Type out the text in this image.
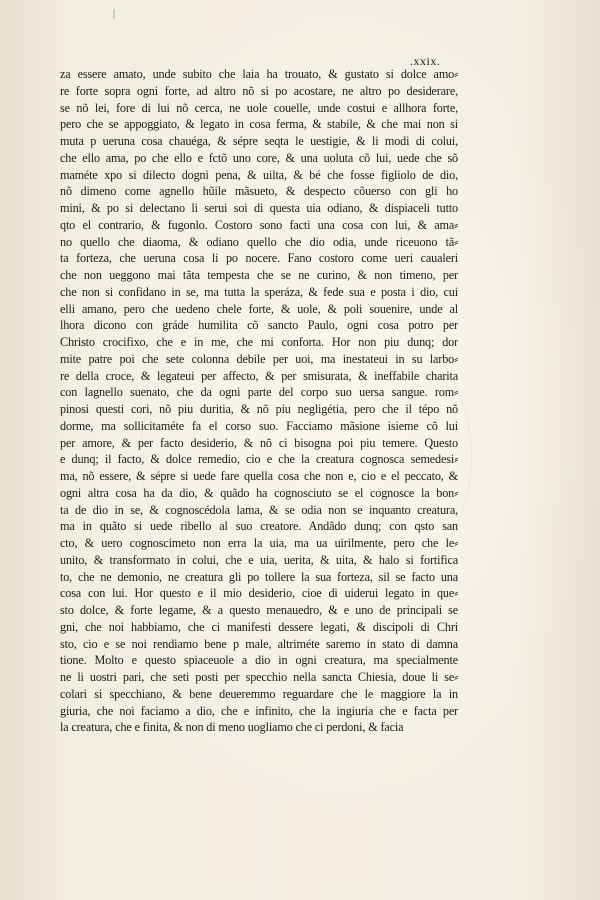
|
.xxix.
za essere amato, unde subito che laia ha trouato, & gustato si dolce amo⸗
re forte sopra ogni forte, ad altro nõ si po acostare, ne altro po desiderare,
se nõ lei, fore di lui nõ cerca, ne uole couelle, unde costui e allhora forte,
pero che se appoggiato, & legato in cosa ferma, & stabile, & che mai non si
muta p ueruna cosa chauéga, & sépre seqta le uestigie, & li modi di colui,
che ello ama, po che ello e fctõ uno core, & una uoluta cõ lui, uede che sõ
maméte xpo si dilecto dogni pena, & uilta, & bé che fosse figliolo de dio,
nõ dimeno come agnello hũile mãsueto, & despecto cõuerso con gli ho
mini, & po si delectano li serui soi di questa uia odiano, & dispiaceli tutto
qto el contrario, & fugonlo. Costoro sono facti una cosa con lui, & ama⸗
no quello che diaoma, & odiano quello che dio odia, unde riceuono tã⸗
ta forteza, che ueruna cosa li po nocere. Fano costoro come ueri caualeri
che non ueggono mai tãta tempesta che se ne curino, & non timeno, per
che non si confidano in se, ma tutta la speráza, & fede sua e posta i dio, cui
elli amano, pero che uedeno chele forte, & uole, & poli souenire, unde al
lhora dicono con gráde humilita cõ sancto Paulo, ogni cosa potro per
Christo crocifixo, che e in me, che mi conforta. Hor non piu dunq; dor
mite patre poi che sete colonna debile per uoi, ma inestateui in su larbo⸗
re della croce, & legateui per affecto, & per smisurata, & ineffabile charita
con lagnello suenato, che da ogni parte del corpo suo uersa sangue. rom⸗
pinosi questi cori, nõ piu duritia, & nõ piu negligétia, pero che il tépo nõ
dorme, ma sollicitaméte fa el corso suo. Facciamo mãsione isieme cõ lui
per amore, & per facto desiderio, & nõ ci bisogna poi piu temere. Questo
e dunq; il facto, & dolce remedio, cio e che la creatura cognosca semedesi⸗
ma, nõ essere, & sépre si uede fare quella cosa che non e, cio e el peccato, &
ogni altra cosa ha da dio, & quãdo ha cognosciuto se el cognosce la bon⸗
ta de dio in se, & cognoscédola lama, & se odia non se inquanto creatura,
ma in quãto si uede ribello al suo creatore. Andãdo dunq; con qsto san
cto, & uero cognoscimeto non erra la uia, ma ua uirilmente, pero che le⸗
unito, & transformato in colui, che e uia, uerita, & uita, & halo si fortifica
to, che ne demonio, ne creatura gli po tollere la sua forteza, sil se facto una
cosa con lui. Hor questo e il mio desiderio, cioe di uiderui legato in que⸗
sto dolce, & forte legame, & a questo menauedro, & e uno de principali se
gni, che noi habbiamo, che ci manifesti dessere legati, & discipoli di Chri
sto, cio e se noi rendiamo bene p male, altriméte saremo in stato di damna
tione. Molto e questo spiaceuole a dio in ogni creatura, ma specialmente
ne li uostri pari, che seti posti per specchio nella sancta Chiesia, doue li se⸗
colari si specchiano, & bene deueremmo reguardare che le maggiore la in
giuria, che noi faciamo a dio, che e infinito, che la ingiuria che e facta per
la creatura, che e finita, & non di meno uogliamo che ci perdoni, & facia
